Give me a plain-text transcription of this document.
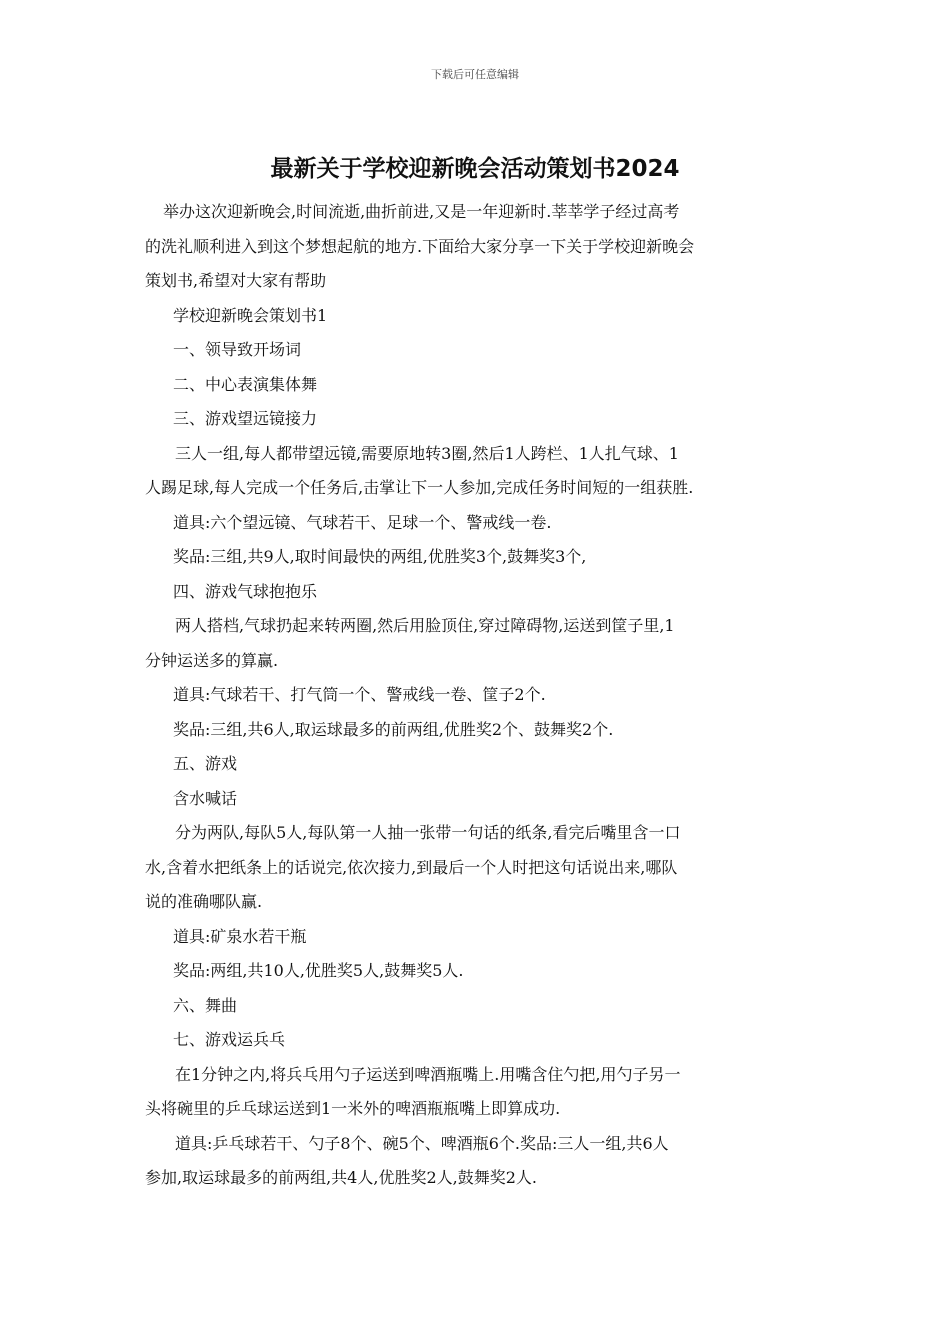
下载后可任意编辑
最新关于学校迎新晚会活动策划书2024

举办这次迎新晚会,时间流逝,曲折前进,又是一年迎新时.莘莘学子经过高考

的洗礼顺利进入到这个梦想起航的地方.下面给大家分享一下关于学校迎新晚会

策划书,希望对大家有帮助

学校迎新晚会策划书1

一、领导致开场词

二、中心表演集体舞

三、游戏望远镜接力

三人一组,每人都带望远镜,需要原地转3圈,然后1人跨栏、1人扎气球、1

人踢足球,每人完成一个任务后,击掌让下一人参加,完成任务时间短的一组获胜.

道具:六个望远镜、气球若干、足球一个、警戒线一卷.

奖品:三组,共9人,取时间最快的两组,优胜奖3个,鼓舞奖3个,

四、游戏气球抱抱乐

两人搭档,气球扔起来转两圈,然后用脸顶住,穿过障碍物,运送到筐子里,1

分钟运送多的算赢.

道具:气球若干、打气筒一个、警戒线一卷、筐子2个.

奖品:三组,共6人,取运球最多的前两组,优胜奖2个、鼓舞奖2个.

五、游戏

含水喊话

分为两队,每队5人,每队第一人抽一张带一句话的纸条,看完后嘴里含一口

水,含着水把纸条上的话说完,依次接力,到最后一个人时把这句话说出来,哪队

说的准确哪队赢.

道具:矿泉水若干瓶

奖品:两组,共10人,优胜奖5人,鼓舞奖5人.

六、舞曲

七、游戏运兵乓

在1分钟之内,将兵乓用勺子运送到啤酒瓶嘴上.用嘴含住勺把,用勺子另一

头将碗里的乒乓球运送到1一米外的啤酒瓶瓶嘴上即算成功.

道具:乒乓球若干、勺子8个、碗5个、啤酒瓶6个.奖品:三人一组,共6人

参加,取运球最多的前两组,共4人,优胜奖2人,鼓舞奖2人.
